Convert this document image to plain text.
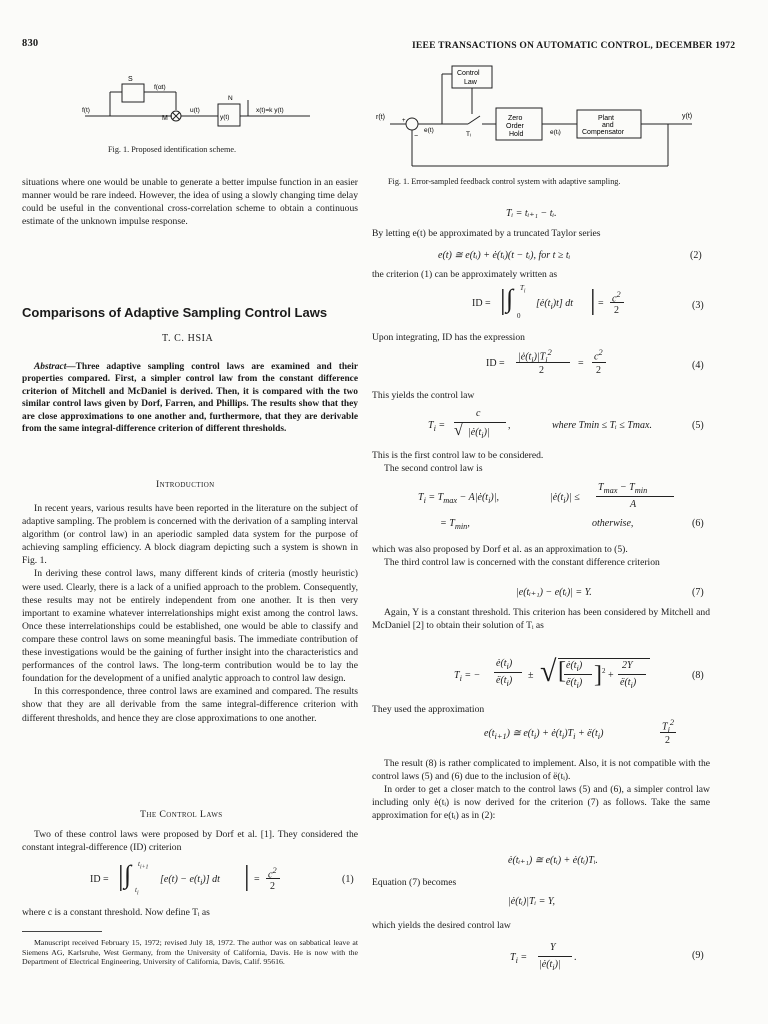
830	IEEE TRANSACTIONS ON AUTOMATIC CONTROL, DECEMBER 1972
S
f(αt)
f(t)
M
u(t)
N
y(t)
x(t)=k y(t)
Fig. 1. Proposed identification scheme.
Control
Law
r(t)	+
−
e(t)
Tᵢ
Zero
Order
Hold	e(tᵢ)
Plant
and
Compensator
y(t)
Fig. 1. Error-sampled feedback control system with adaptive sampling.

situations where one would be unable to generate a better impulse function in an easier manner would be rare indeed. However, the idea of using a slowly changing time delay could be useful in the conventional cross-correlation scheme to obtain a continuous estimate of the unknown impulse response.

Comparisons of Adaptive Sampling Control Laws
T. C. HSIA

Abstract—Three adaptive sampling control laws are examined and their properties compared. First, a simpler control law from the constant difference criterion of Mitchell and McDaniel is derived. Then, it is compared with the two similar control laws given by Dorf, Farren, and Phillips. The results show that they are close approximations to one another and, furthermore, that they are derivable from the same integral-difference criterion of different thresholds.

Introduction

In recent years, various results have been reported in the literature on the subject of adaptive sampling. The problem is concerned with the derivation of a sampling interval algorithm (or control law) in an aperiodic sampled data system for the purpose of achieving sampling efficiency. A block diagram depicting such a system is shown in Fig. 1.

In deriving these control laws, many different kinds of criteria (mostly heuristic) were used. Clearly, there is a lack of a unified approach to the problem. Consequently, these results may not be entirely independent from one another. It is then very important to examine whatever interrelationships might exist among the control laws. Once these interrelationships could be established, one would be able to classify and compare these control laws on some meaningful basis. The immediate contribution of these investigations would be the gaining of further insight into the characteristics and performances of the control laws. The long-term contribution would be to lay the foundation for the development of a unified analytic approach to control law design.

In this correspondence, three control laws are examined and compared. The results show that they are all derivable from the same integral-difference criterion with different thresholds, and hence they are close approximations to one another.

The Control Laws

Two of these control laws were proposed by Dorf et al. [1]. They considered the constant integral-difference (ID) criterion

ID = | ∫ $t_{i+1}$
$t_i$
$[e(t) - e(t_i)]$ dt | = $c^2$
2
(1)

where c is a constant threshold. Now define Tᵢ as

Manuscript received February 15, 1972; revised July 18, 1972. The author was on sabbatical leave at Siemens AG, Karlsruhe, West Germany, from the University of California, Davis. He is now with the Department of Electrical Engineering, University of California, Davis, Calif. 95616.

Tᵢ = tᵢ₊₁ − tᵢ.

By letting e(t) be approximated by a truncated Taylor series

e(t) ≅ e(tᵢ) + ė(tᵢ)(t − tᵢ), for t ≥ tᵢ	(2)

the criterion (1) can be approximately written as

ID = | ∫ $T_i$
0
$[ė(t_i)t]$ dt | = $c^2$
2	(3)

Upon integrating, ID has the expression

ID =
$|ė(t_i)|T_i^2$
2
=
$c^2$
2	(4)

This yields the control law

$T_i$ =
c
√ $|ė(t_i)|$
,	where Tmin ≤ Tᵢ ≤ Tmax.	(5)

This is the first control law to be considered.

The second control law is

$T_i = T_{max}$ − $A|ė(t_i)|$,	$|ė(t_i)|$ ≤
$T_{max} - T_{min}$
A
= $T_{min}$,	otherwise,	(6)

which was also proposed by Dorf et al. as an approximation to (5).

The third control law is concerned with the constant difference criterion

|e(tᵢ₊₁) − e(tᵢ)| = Y.	(7)

Again, Y is a constant threshold. This criterion has been considered by Mitchell and McDaniel [2] to obtain their solution of Tᵢ as

$T_i$ = −
$ė(t_i)$
$ë(t_i)$ ± √ [ $ė(t_i)$
$ë(t_i) ]^2$ +
2Y
$ë(t_i)$
(8)

They used the approximation

$e(t_{i+1})$ ≅ $e(t_i)$ + $ė(t_i)T_i$ + $ë(t_i)$
$T_i^2$
2

The result (8) is rather complicated to implement. Also, it is not compatible with the control laws (5) and (6) due to the inclusion of ë(tᵢ).

In order to get a closer match to the control laws (5) and (6), a simpler control law including only ė(tᵢ) is now derived for the criterion (7) as follows. Take the same approximation for e(tᵢ) as in (2):

ė(tᵢ₊₁) ≅ e(tᵢ) + ė(tᵢ)Tᵢ.

Equation (7) becomes

|ė(tᵢ)|Tᵢ = Y,

which yields the desired control law

$T_i$ =
Y
$|ė(t_i)|$
.	(9)
